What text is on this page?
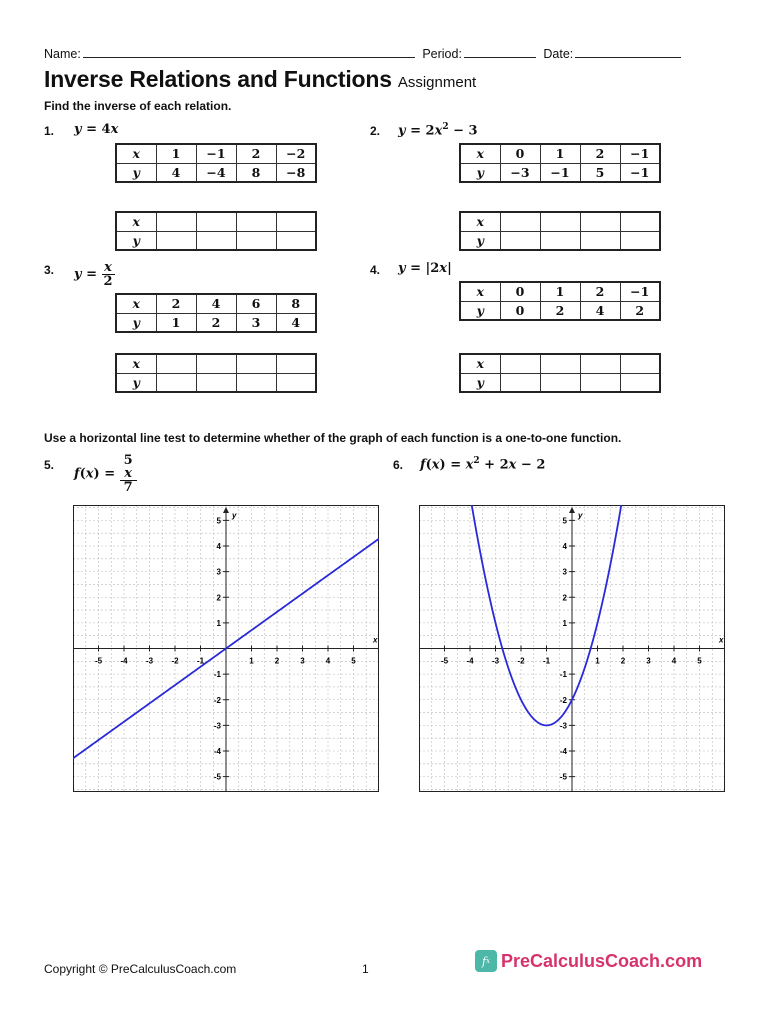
Name:	Period:	Date:
Inverse Relations and Functions Assignment
Find the inverse of each relation.
1. y = 4x
x	1	−1	2	−2
y	4	−4	8	−8
x				
y				
2. $y = 2x^2 - 3$
x	0	1	2	−1
y	−3	−1	5	−1
x				
y				
3. $y = \frac{x}{2}$
x	2	4	6	8
y	1	2	3	4
x				
y				
4. y = |2x|
x	0	1	2	−1
y	0	2	4	2
x				
y				
Use a horizontal line test to determine whether of the graph of each function is a one-to-one function.
5.
f(x) = 5
x
7	6. $f(x) = x^2 + 2x - 2$
x
y
-5 -4 -3 -2 -1	1	2	3	4	5
5
4
3
2
1
-1
-2
-3
-4
-5
x
y
-5 -4 -3 -2 -1	1	2	3	4	5
5
4
3
2
1
-1
-2
-3
-4
-5
Copyright © PreCalculusCoach.com	1
f x PreCalculusCoach.com
